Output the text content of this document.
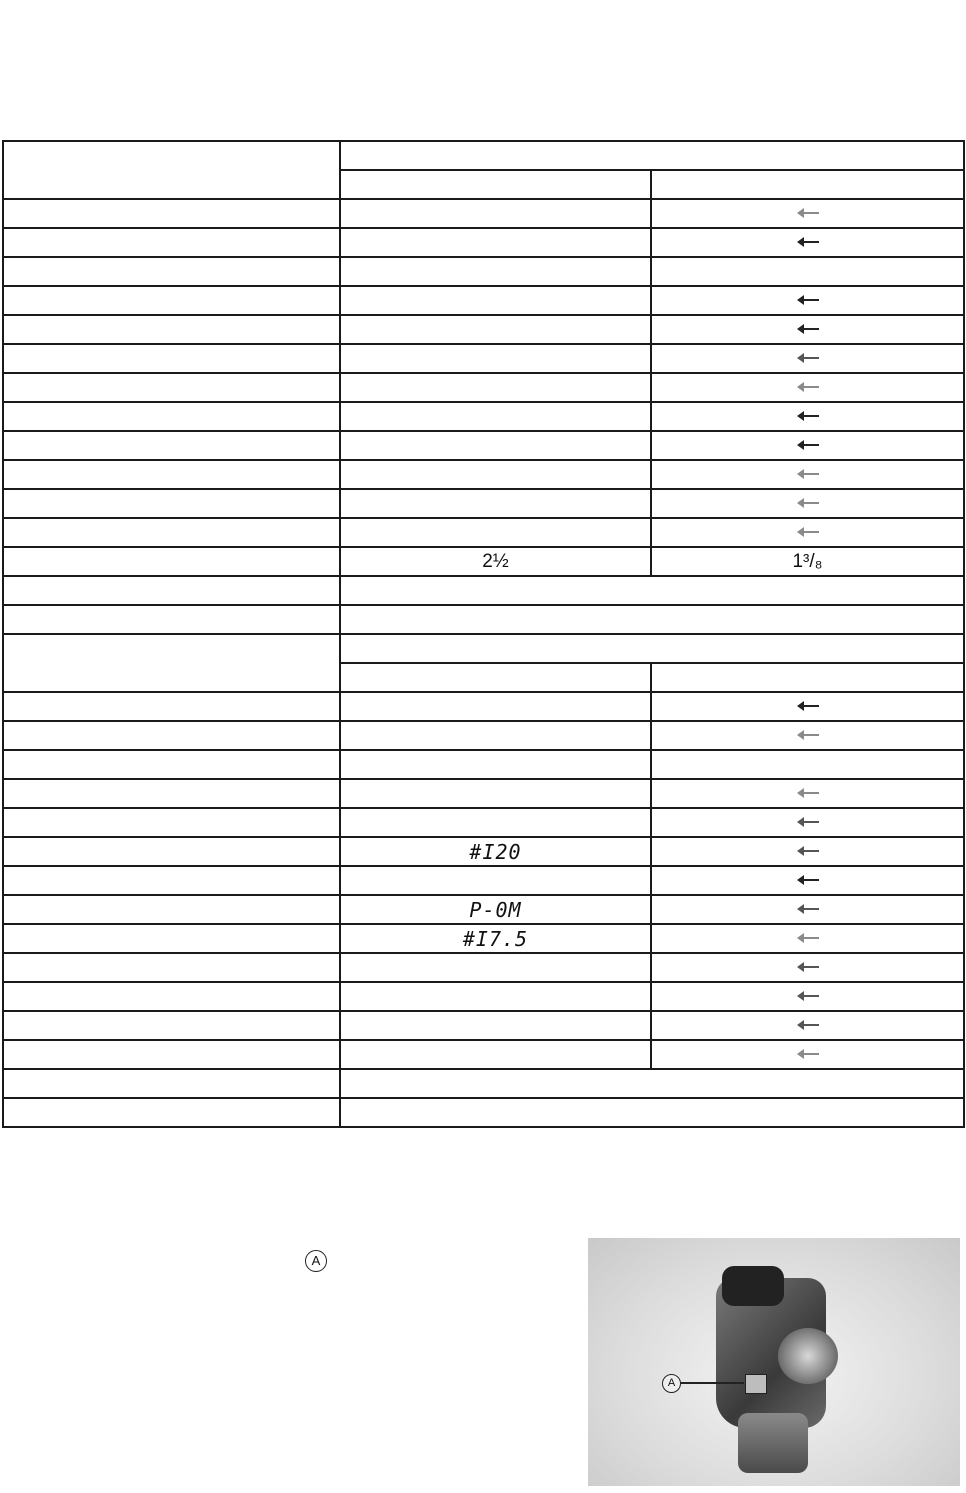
	2½	1³/₈

	#I20	

	P-0M	
	#I7.5	

A
A
